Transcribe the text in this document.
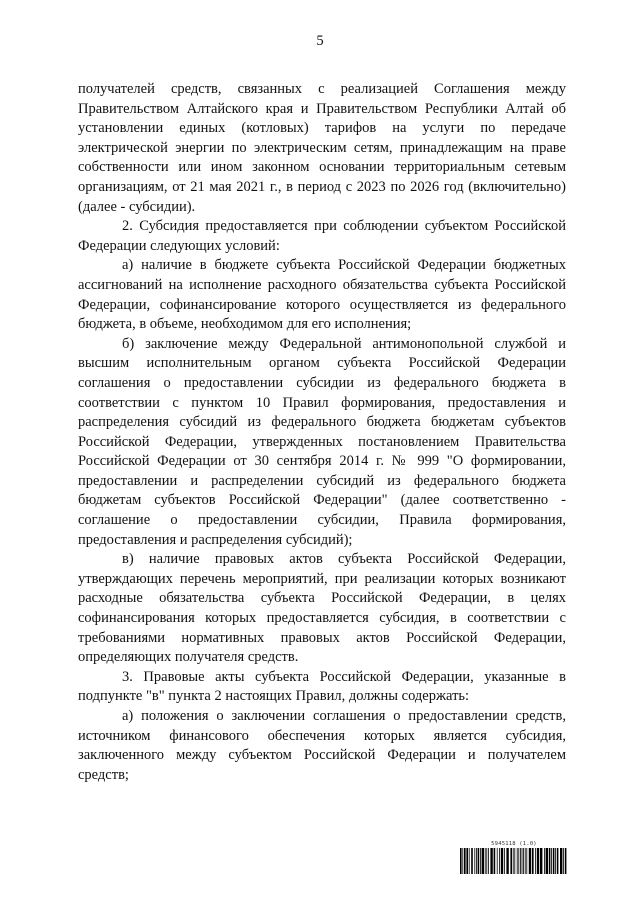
5

получателей средств, связанных с реализацией Соглашения между Правительством Алтайского края и Правительством Республики Алтай об установлении единых (котловых) тарифов на услуги по передаче электрической энергии по электрическим сетям, принадлежащим на праве собственности или ином законном основании территориальным сетевым организациям, от 21 мая 2021 г., в период с 2023 по 2026 год (включительно) (далее - субсидии).

2. Субсидия предоставляется при соблюдении субъектом Российской Федерации следующих условий:

а) наличие в бюджете субъекта Российской Федерации бюджетных ассигнований на исполнение расходного обязательства субъекта Российской Федерации, софинансирование которого осуществляется из федерального бюджета, в объеме, необходимом для его исполнения;

б) заключение между Федеральной антимонопольной службой и высшим исполнительным органом субъекта Российской Федерации соглашения о предоставлении субсидии из федерального бюджета в соответствии с пунктом 10 Правил формирования, предоставления и распределения субсидий из федерального бюджета бюджетам субъектов Российской Федерации, утвержденных постановлением Правительства Российской Федерации от 30 сентября 2014 г. № 999 "О формировании, предоставлении и распределении субсидий из федерального бюджета бюджетам субъектов Российской Федерации" (далее соответственно - соглашение о предоставлении субсидии, Правила формирования, предоставления и распределения субсидий);

в) наличие правовых актов субъекта Российской Федерации, утверждающих перечень мероприятий, при реализации которых возникают расходные обязательства субъекта Российской Федерации, в целях софинансирования которых предоставляется субсидия, в соответствии с требованиями нормативных правовых актов Российской Федерации, определяющих получателя средств.

3. Правовые акты субъекта Российской Федерации, указанные в подпункте "в" пункта 2 настоящих Правил, должны содержать:

а) положения о заключении соглашения о предоставлении средств, источником финансового обеспечения которых является субсидия, заключенного между субъектом Российской Федерации и получателем средств;

5945118 (1.0)
